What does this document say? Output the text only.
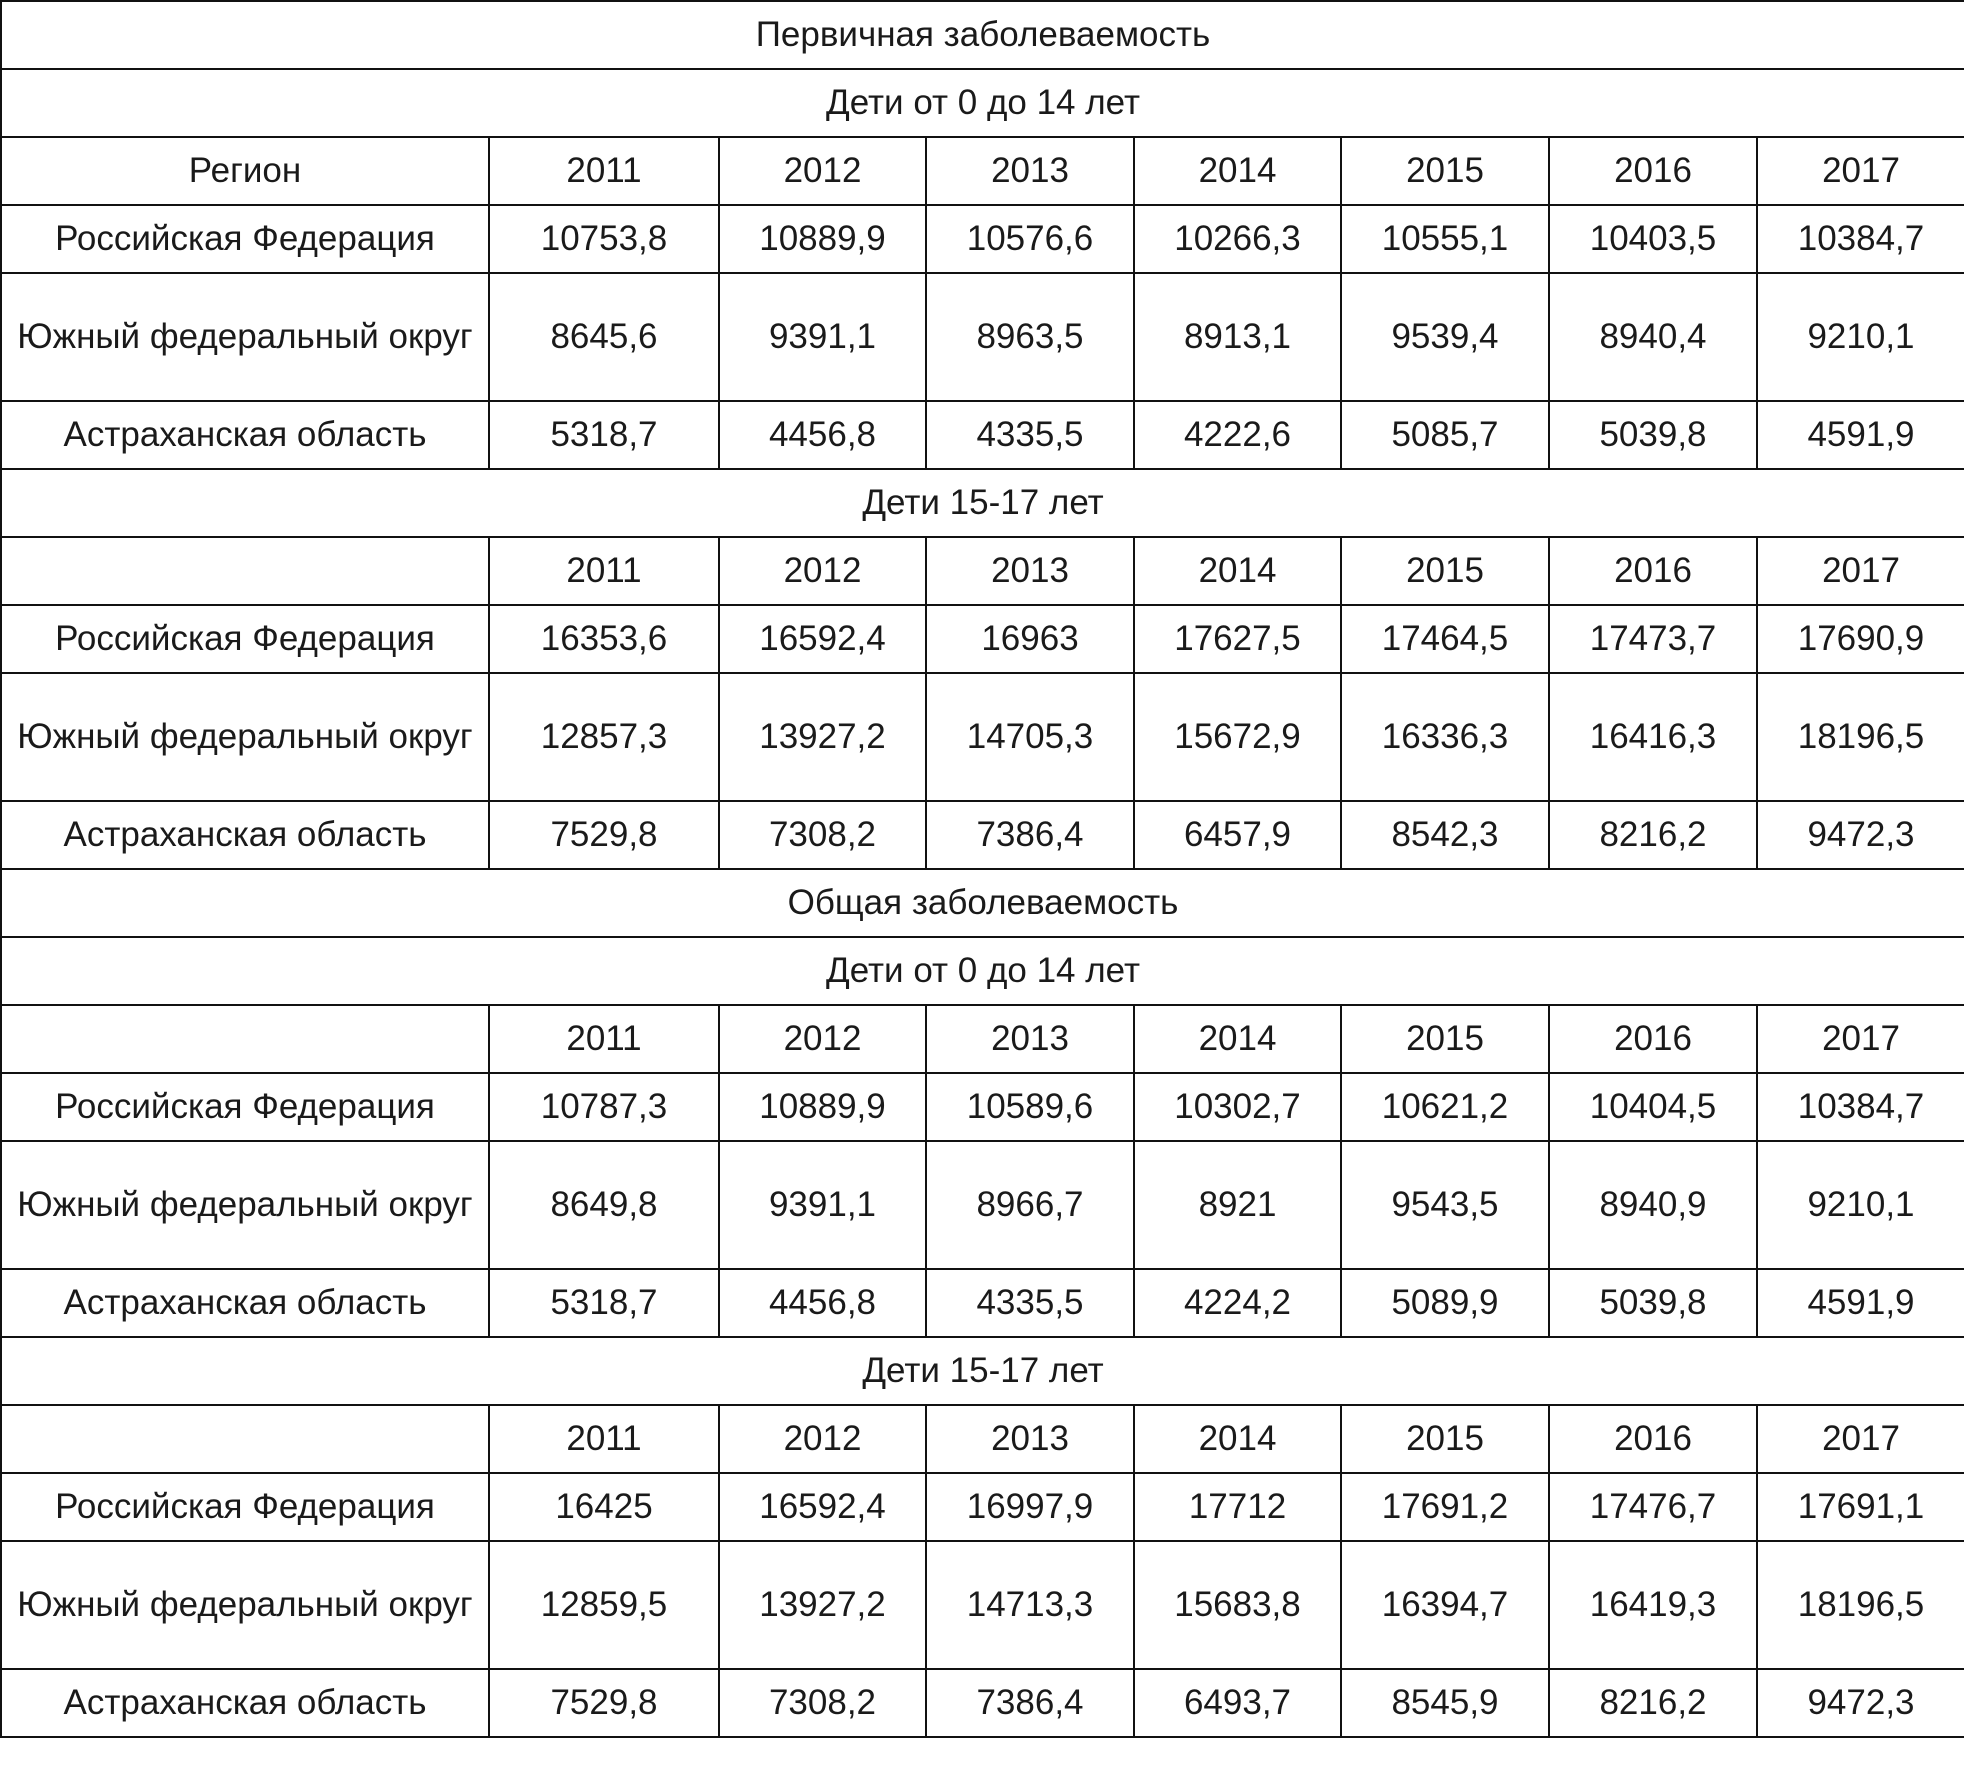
Первичная заболеваемость							
Дети от 0 до 14 лет							
Регион	2011	2012	2013	2014	2015	2016	2017
Российская Федерация	10753,8	10889,9	10576,6	10266,3	10555,1	10403,5	10384,7
Южный федеральный округ	8645,6	9391,1	8963,5	8913,1	9539,4	8940,4	9210,1
Астраханская область	5318,7	4456,8	4335,5	4222,6	5085,7	5039,8	4591,9
Дети 15-17 лет							
	2011	2012	2013	2014	2015	2016	2017
Российская Федерация	16353,6	16592,4	16963	17627,5	17464,5	17473,7	17690,9
Южный федеральный округ	12857,3	13927,2	14705,3	15672,9	16336,3	16416,3	18196,5
Астраханская область	7529,8	7308,2	7386,4	6457,9	8542,3	8216,2	9472,3
Общая заболеваемость							
Дети от 0 до 14 лет							
	2011	2012	2013	2014	2015	2016	2017
Российская Федерация	10787,3	10889,9	10589,6	10302,7	10621,2	10404,5	10384,7
Южный федеральный округ	8649,8	9391,1	8966,7	8921	9543,5	8940,9	9210,1
Астраханская область	5318,7	4456,8	4335,5	4224,2	5089,9	5039,8	4591,9
Дети 15-17 лет							
	2011	2012	2013	2014	2015	2016	2017
Российская Федерация	16425	16592,4	16997,9	17712	17691,2	17476,7	17691,1
Южный федеральный округ	12859,5	13927,2	14713,3	15683,8	16394,7	16419,3	18196,5
Астраханская область	7529,8	7308,2	7386,4	6493,7	8545,9	8216,2	9472,3
